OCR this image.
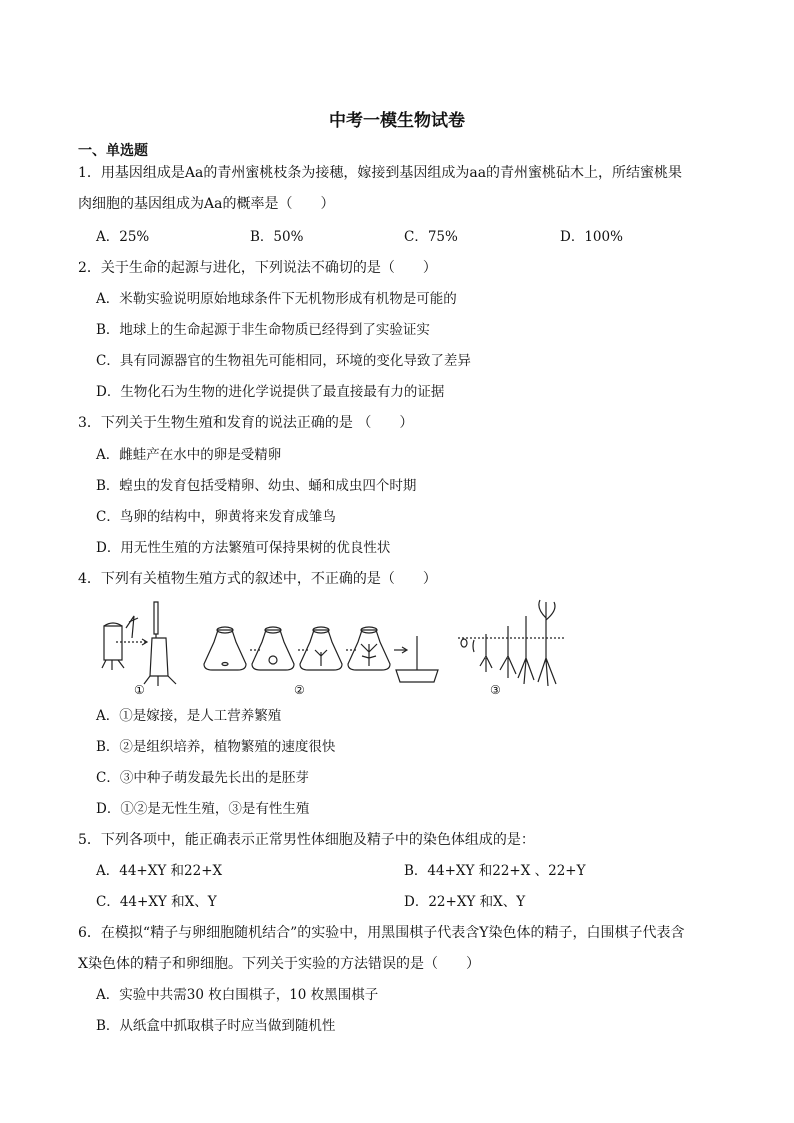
中考一模生物试卷
一、单选题
1．用基因组成是Aa的青州蜜桃枝条为接穗，嫁接到基因组成为aa的青州蜜桃砧木上，所结蜜桃果
肉细胞的基因组成为Aa的概率是（　　）
A．25%	B．50%	C．75%	D．100%
2．关于生命的起源与进化，下列说法不确切的是（　　）
A．米勒实验说明原始地球条件下无机物形成有机物是可能的
B．地球上的生命起源于非生命物质已经得到了实验证实
C．具有同源器官的生物祖先可能相同，环境的变化导致了差异
D．生物化石为生物的进化学说提供了最直接最有力的证据
3．下列关于生物生殖和发育的说法正确的是 （　　）
A．雌蛙产在水中的卵是受精卵
B．蝗虫的发育包括受精卵、幼虫、蛹和成虫四个时期
C．鸟卵的结构中，卵黄将来发育成雏鸟
D．用无性生殖的方法繁殖可保持果树的优良性状
4．下列有关植物生殖方式的叙述中，不正确的是（　　）
①	②	③
A．①是嫁接，是人工营养繁殖
B．②是组织培养，植物繁殖的速度很快
C．③中种子萌发最先长出的是胚芽
D．①②是无性生殖，③是有性生殖
5．下列各项中，能正确表示正常男性体细胞及精子中的染色体组成的是：
A．44+XY 和22+X	B．44+XY 和22+X 、22+Y
C．44+XY 和X、Y	D．22+XY 和X、Y
6．在模拟“精子与卵细胞随机结合”的实验中，用黑围棋子代表含Y染色体的精子，白围棋子代表含
X染色体的精子和卵细胞。下列关于实验的方法错误的是（　　）
A．实验中共需30 枚白围棋子，10 枚黑围棋子
B．从纸盒中抓取棋子时应当做到随机性
